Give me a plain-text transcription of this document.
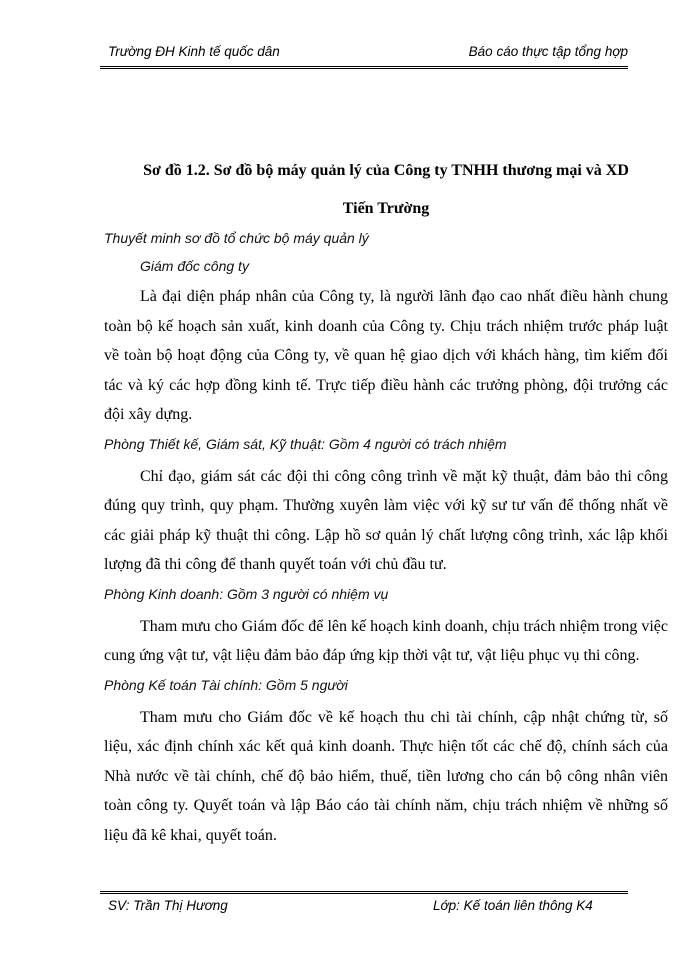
Trường ĐH Kinh tế quốc dân	Báo cáo thực tập tổng hợp

Sơ đồ 1.2. Sơ đồ bộ máy quản lý của Công ty TNHH thương mại và XD
Tiến Trường

Thuyết minh sơ đồ tổ chức bộ máy quản lý

Giám đốc công ty

Là đại diện pháp nhân của Công ty, là người lãnh đạo cao nhất điều hành chung toàn bộ kế hoạch sản xuất, kinh doanh của Công ty. Chịu trách nhiệm trước pháp luật về toàn bộ hoạt động của Công ty, về quan hệ giao dịch với khách hàng, tìm kiếm đối tác và ký các hợp đồng kinh tế. Trực tiếp điều hành các trưởng phòng, đội trưởng các đội xây dựng.

Phòng Thiết kế, Giám sát, Kỹ thuật: Gồm 4 người có trách nhiệm

Chỉ đạo, giám sát các đội thi công công trình về mặt kỹ thuật, đảm bảo thi công đúng quy trình, quy phạm. Thường xuyên làm việc với kỹ sư tư vấn để thống nhất về các giải pháp kỹ thuật thi công. Lập hồ sơ quản lý chất lượng công trình, xác lập khối lượng đã thi công để thanh quyết toán với chủ đầu tư.

Phòng Kinh doanh: Gồm 3 người có nhiệm vụ

Tham mưu cho Giám đốc để lên kế hoạch kinh doanh, chịu trách nhiệm trong việc cung ứng vật tư, vật liệu đảm bảo đáp ứng kịp thời vật tư, vật liệu phục vụ thi công.

Phòng Kế toán Tài chính: Gồm 5 người

Tham mưu cho Giám đốc về kế hoạch thu chi tài chính, cập nhật chứng từ, số liệu, xác định chính xác kết quả kinh doanh. Thực hiện tốt các chế độ, chính sách của Nhà nước về tài chính, chế độ bảo hiểm, thuế, tiền lương cho cán bộ công nhân viên toàn công ty. Quyết toán và lập Báo cáo tài chính năm, chịu trách nhiệm về những số liệu đã kê khai, quyết toán.

SV: Trần Thị Hương	Lớp: Kế toán liên thông K4
